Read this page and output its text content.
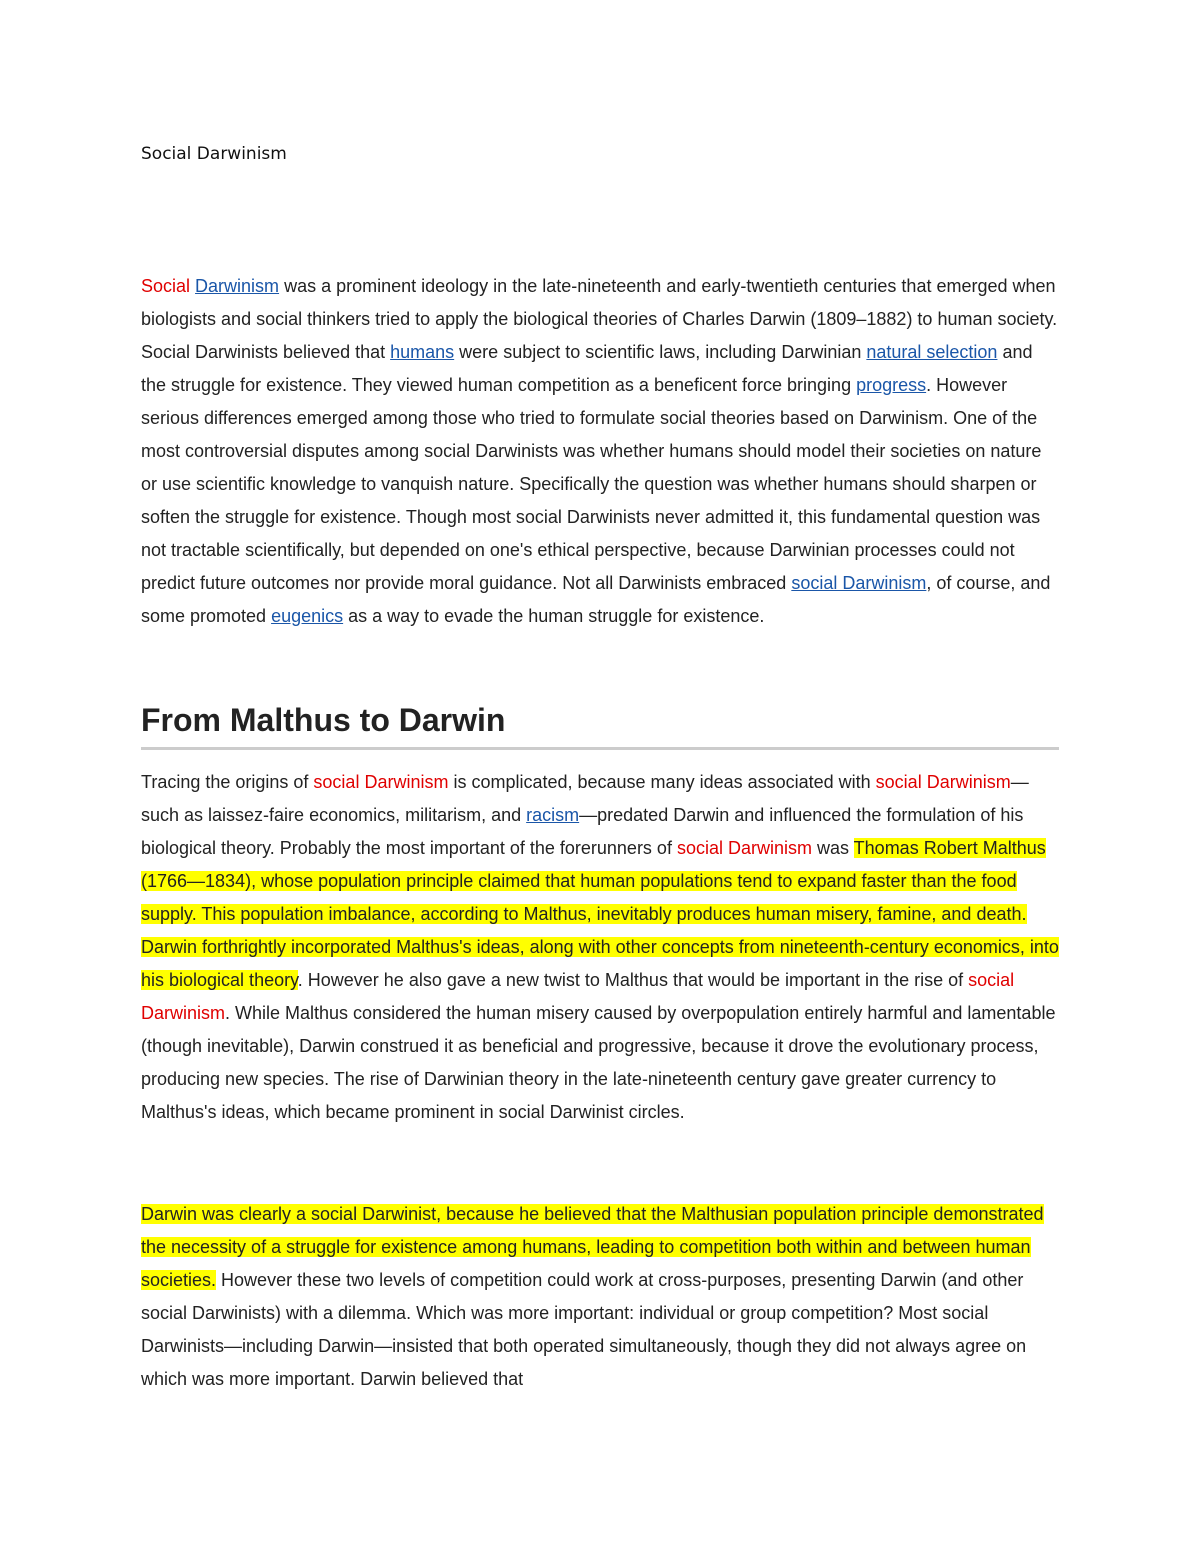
Social Darwinism

Social Darwinism was a prominent ideology in the late-nineteenth and early-twentieth centuries that emerged when biologists and social thinkers tried to apply the biological theories of Charles Darwin (1809–1882) to human society. Social Darwinists believed that humans were subject to scientific laws, including Darwinian natural selection and the struggle for existence. They viewed human competition as a beneficent force bringing progress. However serious differences emerged among those who tried to formulate social theories based on Darwinism. One of the most controversial disputes among social Darwinists was whether humans should model their societies on nature or use scientific knowledge to vanquish nature. Specifically the question was whether humans should sharpen or soften the struggle for existence. Though most social Darwinists never admitted it, this fundamental question was not tractable scientifically, but depended on one's ethical perspective, because Darwinian processes could not predict future outcomes nor provide moral guidance. Not all Darwinists embraced social Darwinism, of course, and some promoted eugenics as a way to evade the human struggle for existence.

From Malthus to Darwin

Tracing the origins of social Darwinism is complicated, because many ideas associated with social Darwinism—such as laissez-faire economics, militarism, and racism—predated Darwin and influenced the formulation of his biological theory. Probably the most important of the forerunners of social Darwinism was Thomas Robert Malthus (1766—1834), whose population principle claimed that human populations tend to expand faster than the food supply. This population imbalance, according to Malthus, inevitably produces human misery, famine, and death. Darwin forthrightly incorporated Malthus's ideas, along with other concepts from nineteenth-century economics, into his biological theory. However he also gave a new twist to Malthus that would be important in the rise of social Darwinism. While Malthus considered the human misery caused by overpopulation entirely harmful and lamentable (though inevitable), Darwin construed it as beneficial and progressive, because it drove the evolutionary process, producing new species. The rise of Darwinian theory in the late-nineteenth century gave greater currency to Malthus's ideas, which became prominent in social Darwinist circles.

Darwin was clearly a social Darwinist, because he believed that the Malthusian population principle demonstrated the necessity of a struggle for existence among humans, leading to competition both within and between human societies. However these two levels of competition could work at cross-purposes, presenting Darwin (and other social Darwinists) with a dilemma. Which was more important: individual or group competition? Most social Darwinists—including Darwin—insisted that both operated simultaneously, though they did not always agree on which was more important. Darwin believed that
